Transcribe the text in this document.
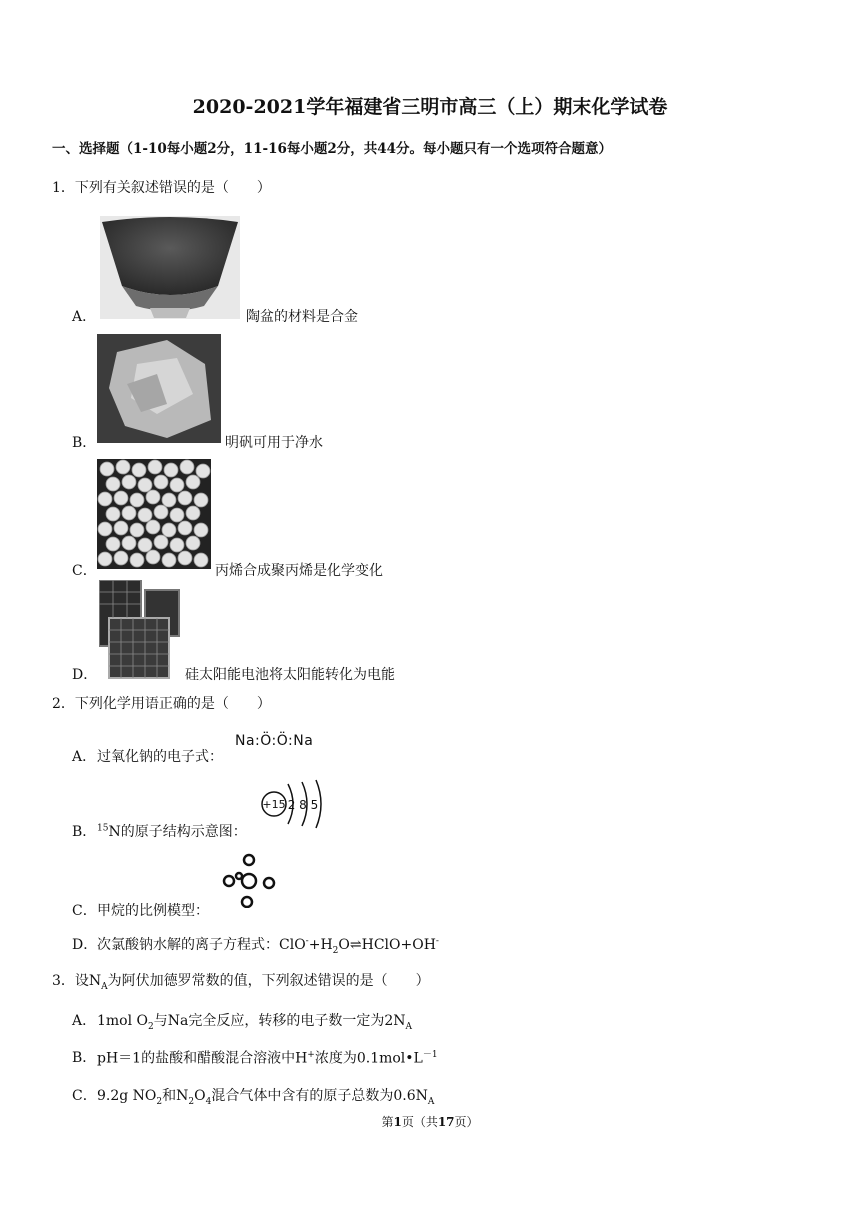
2020-2021学年福建省三明市高三（上）期末化学试卷
一、选择题（1-10每小题2分，11-16每小题2分，共44分。每小题只有一个选项符合题意）
1．下列有关叙述错误的是（　　）
A．	陶盆的材料是合金
B．	明矾可用于净水
C．	丙烯合成聚丙烯是化学变化
D．	硅太阳能电池将太阳能转化为电能
2．下列化学用语正确的是（　　）
A． 过氧化钠的电子式：
Na:Ö:Ö:Na
B． $^{15}$N的原子结构示意图：
+15 2 8 5
C． 甲烷的比例模型：
D． 次氯酸钠水解的离子方程式：$ClO^-+H_2O\rightleftharpoons HClO+OH^-$
3．设$N_A$为阿伏加德罗常数的值，下列叙述错误的是（　　）
A． 1mol $O_2$与Na完全反应，转移的电子数一定为$2N_A$
B． pH＝1的盐酸和醋酸混合溶液中H+浓度为$0.1mol•L^{-1}$
C． 9.2g $NO_2$和$N_2O_4$混合气体中含有的原子总数为$0.6N_A$
第1页（共17页）
